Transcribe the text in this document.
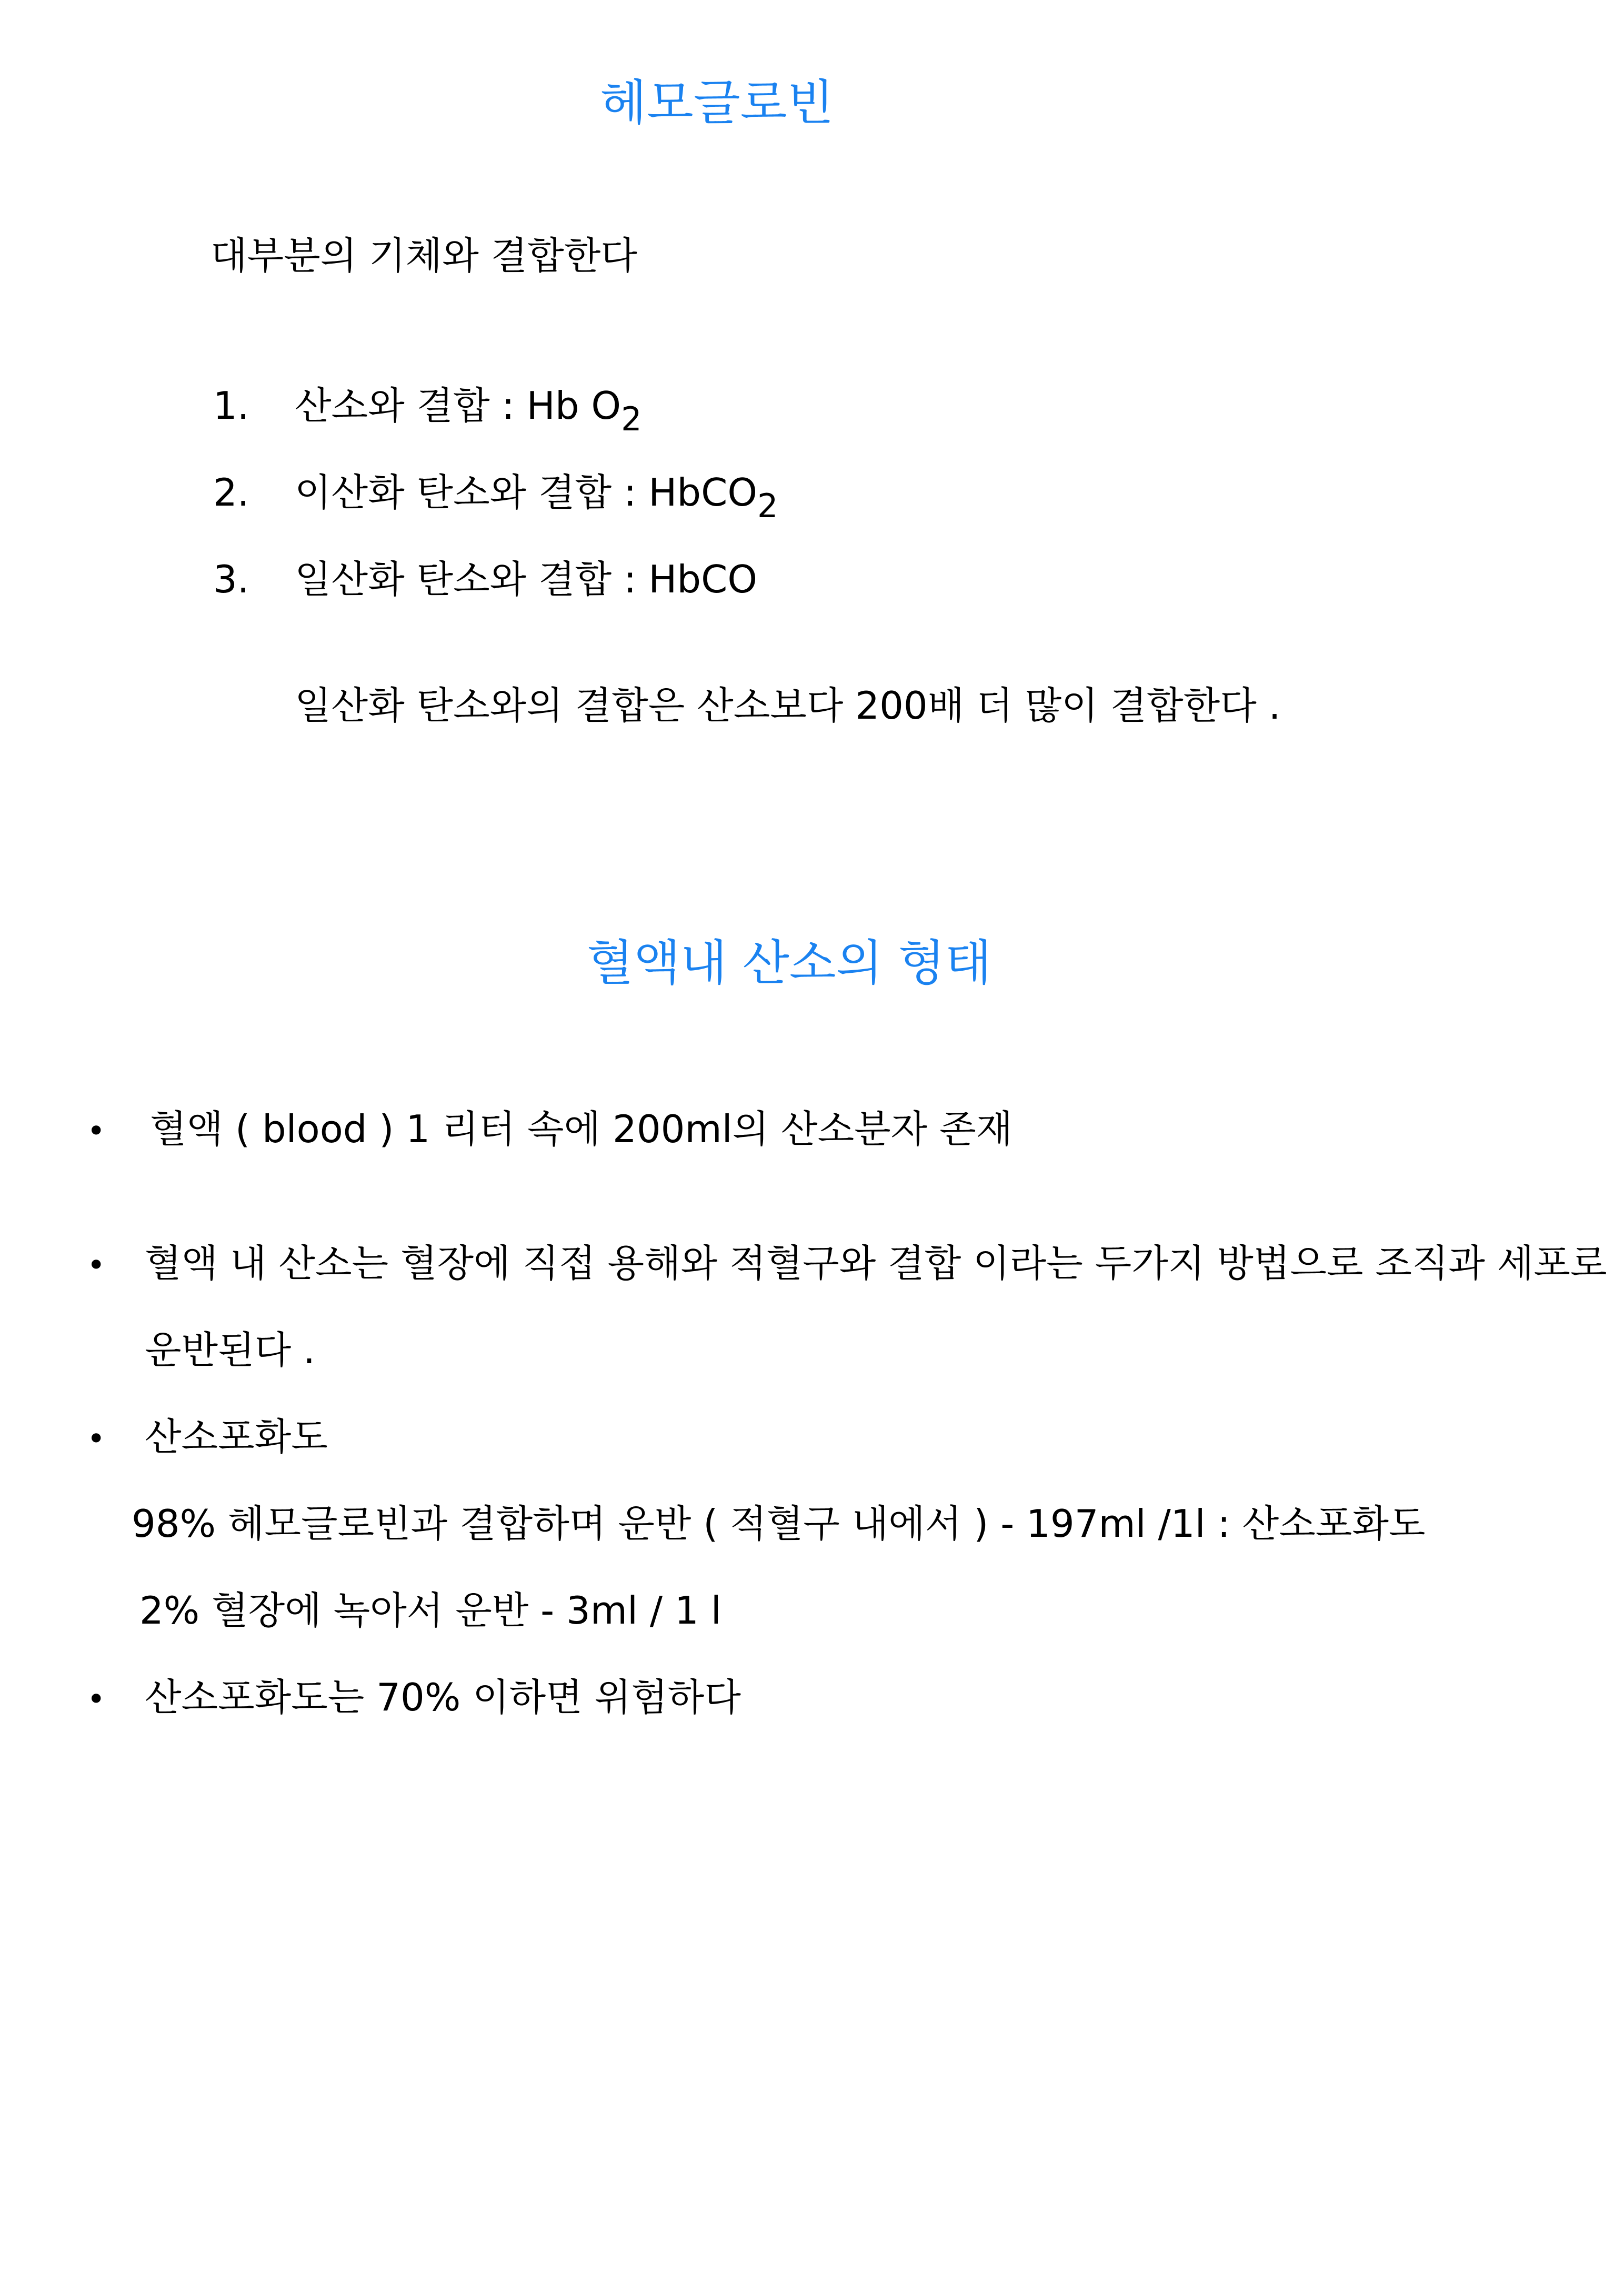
헤모글로빈
대부분의 기체와 결합한다
1. 산소와 결합 : Hb $O_2$
2. 이산화 탄소와 결합 : HbCO$_2$
3. 일산화 탄소와 결합 : HbCO
일산화 탄소와의 결합은 산소보다 200배 더 많이 결합한다 .
혈액내 산소의 형태
• 혈액 ( blood ) 1 리터 속에 200ml의 산소분자 존재
• 혈액 내 산소는 혈장에 직접 용해와 적혈구와 결합 이라는 두가지 방법으로 조직과 세포로
운반된다 .
• 산소포화도
98% 헤모글로빈과 결합하며 운반 ( 적혈구 내에서 ) - 197ml /1l : 산소포화도
2% 혈장에 녹아서 운반 - 3ml / 1 l
• 산소포화도는 70% 이하면 위험하다
